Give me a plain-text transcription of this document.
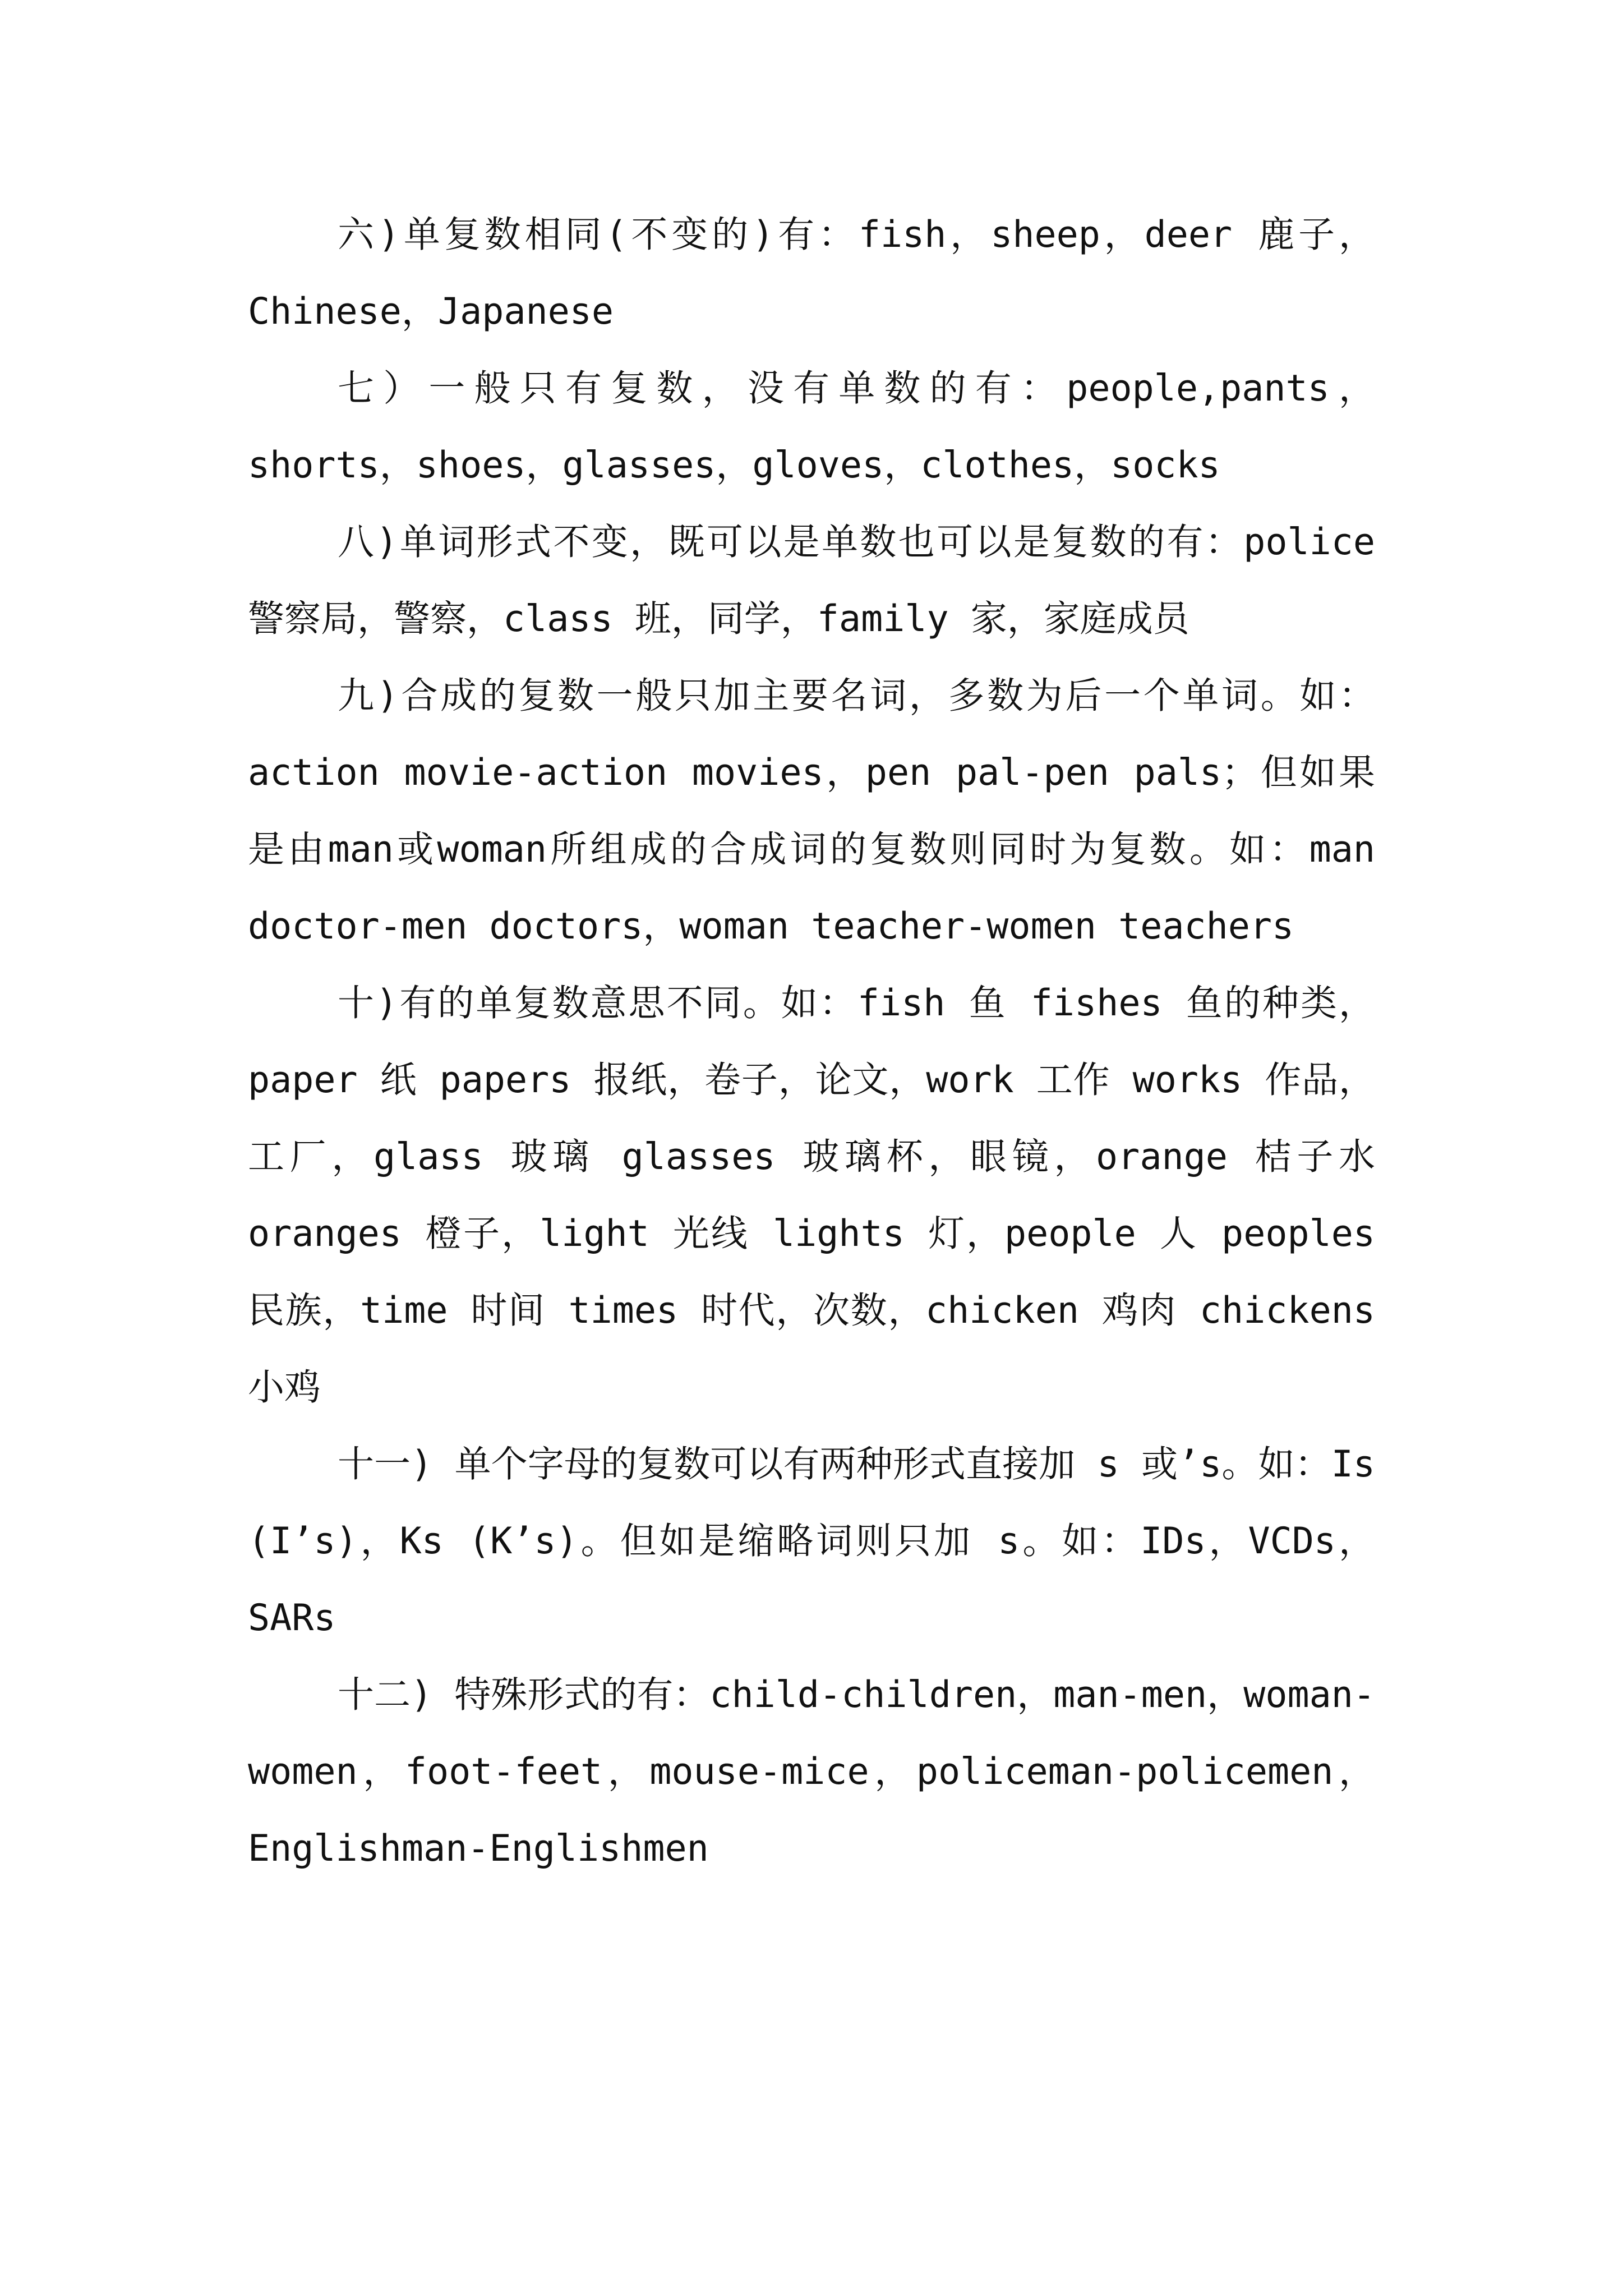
六)单复数相同(不变的)有：fish，sheep，deer 鹿子，Chinese，Japanese

七）一般只有复数，没有单数的有：people,pants，shorts，shoes，glasses，gloves，clothes，socks

八)单词形式不变，既可以是单数也可以是复数的有：police 警察局，警察，class 班，同学，family 家，家庭成员

九)合成的复数一般只加主要名词，多数为后一个单词。如：action movie-action movies，pen pal-pen pals；但如果是由man或woman所组成的合成词的复数则同时为复数。如：man doctor-men doctors，woman teacher-women teachers

十)有的单复数意思不同。如：fish 鱼 fishes 鱼的种类，paper 纸 papers 报纸，卷子，论文，work 工作 works 作品，工厂，glass 玻璃 glasses 玻璃杯，眼镜，orange 桔子水 oranges 橙子，light 光线 lights 灯，people 人 peoples 民族，time 时间 times 时代，次数，chicken 鸡肉 chickens 小鸡

十一) 单个字母的复数可以有两种形式直接加 s 或’s。如：Is (I’s)，Ks (K’s)。但如是缩略词则只加 s。如：IDs，VCDs，SARs

十二) 特殊形式的有：child-children，man-men，woman-women，foot-feet，mouse-mice，policeman-policemen，Englishman-Englishmen
